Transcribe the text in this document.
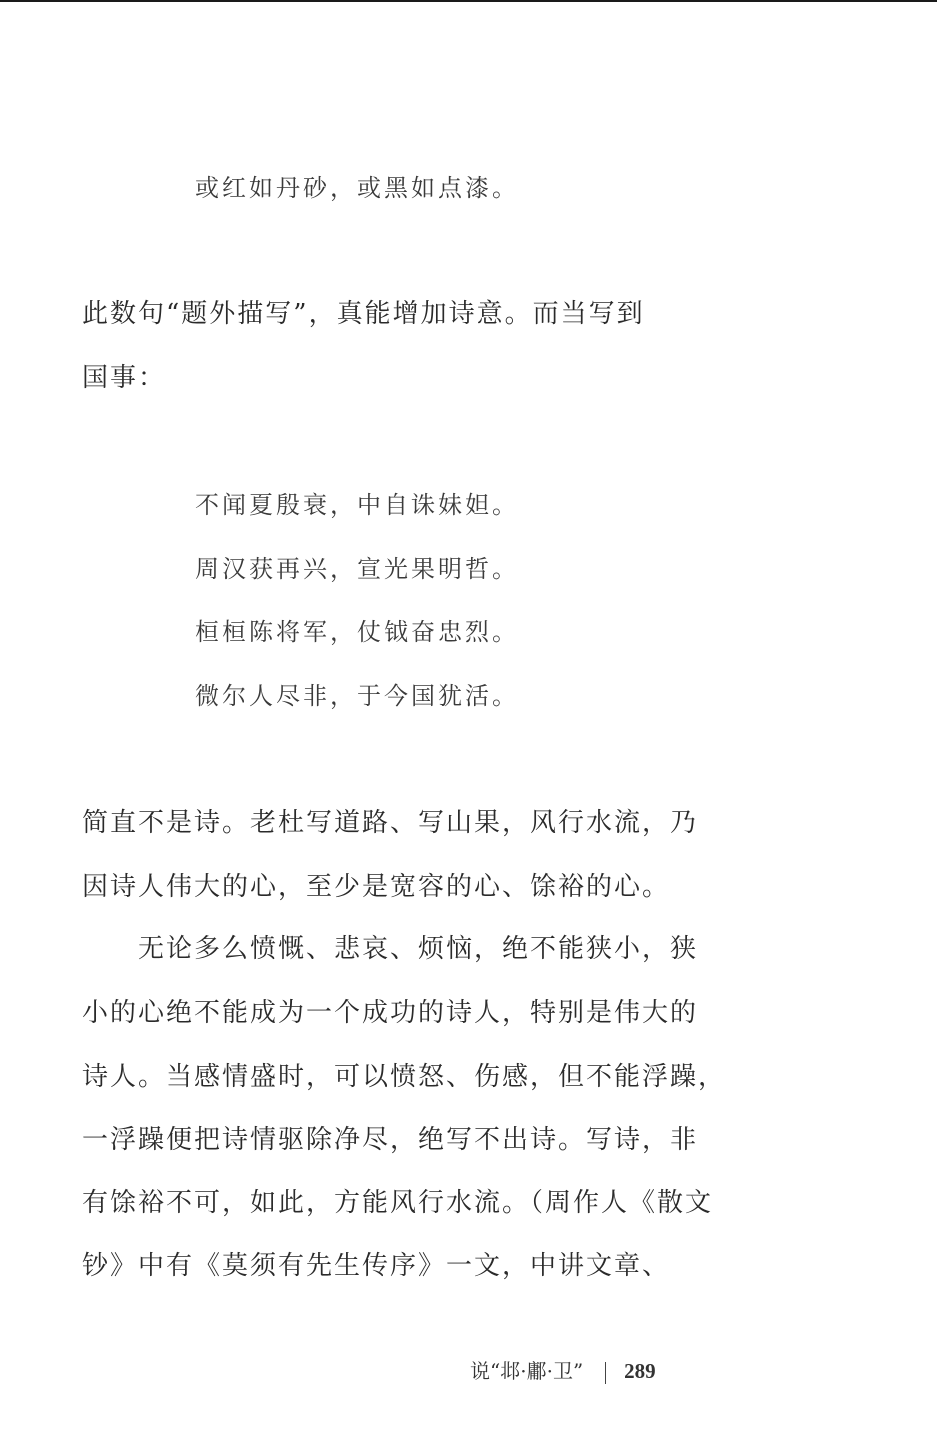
或红如丹砂，或黑如点漆。
此数句“题外描写”，真能增加诗意。而当写到
国事：
不闻夏殷衰，中自诛妹妲。
周汉获再兴，宣光果明哲。
桓桓陈将军，仗钺奋忠烈。
微尔人尽非，于今国犹活。
简直不是诗。老杜写道路、写山果，风行水流，乃
因诗人伟大的心，至少是宽容的心、馀裕的心。
无论多么愤慨、悲哀、烦恼，绝不能狭小，狭
小的心绝不能成为一个成功的诗人，特别是伟大的
诗人。当感情盛时，可以愤怒、伤感，但不能浮躁，
一浮躁便把诗情驱除净尽，绝写不出诗。写诗，非
有馀裕不可，如此，方能风行水流。（周作人《散文
钞》中有《莫须有先生传序》一文，中讲文章、
说“邶·鄘·卫” 289
